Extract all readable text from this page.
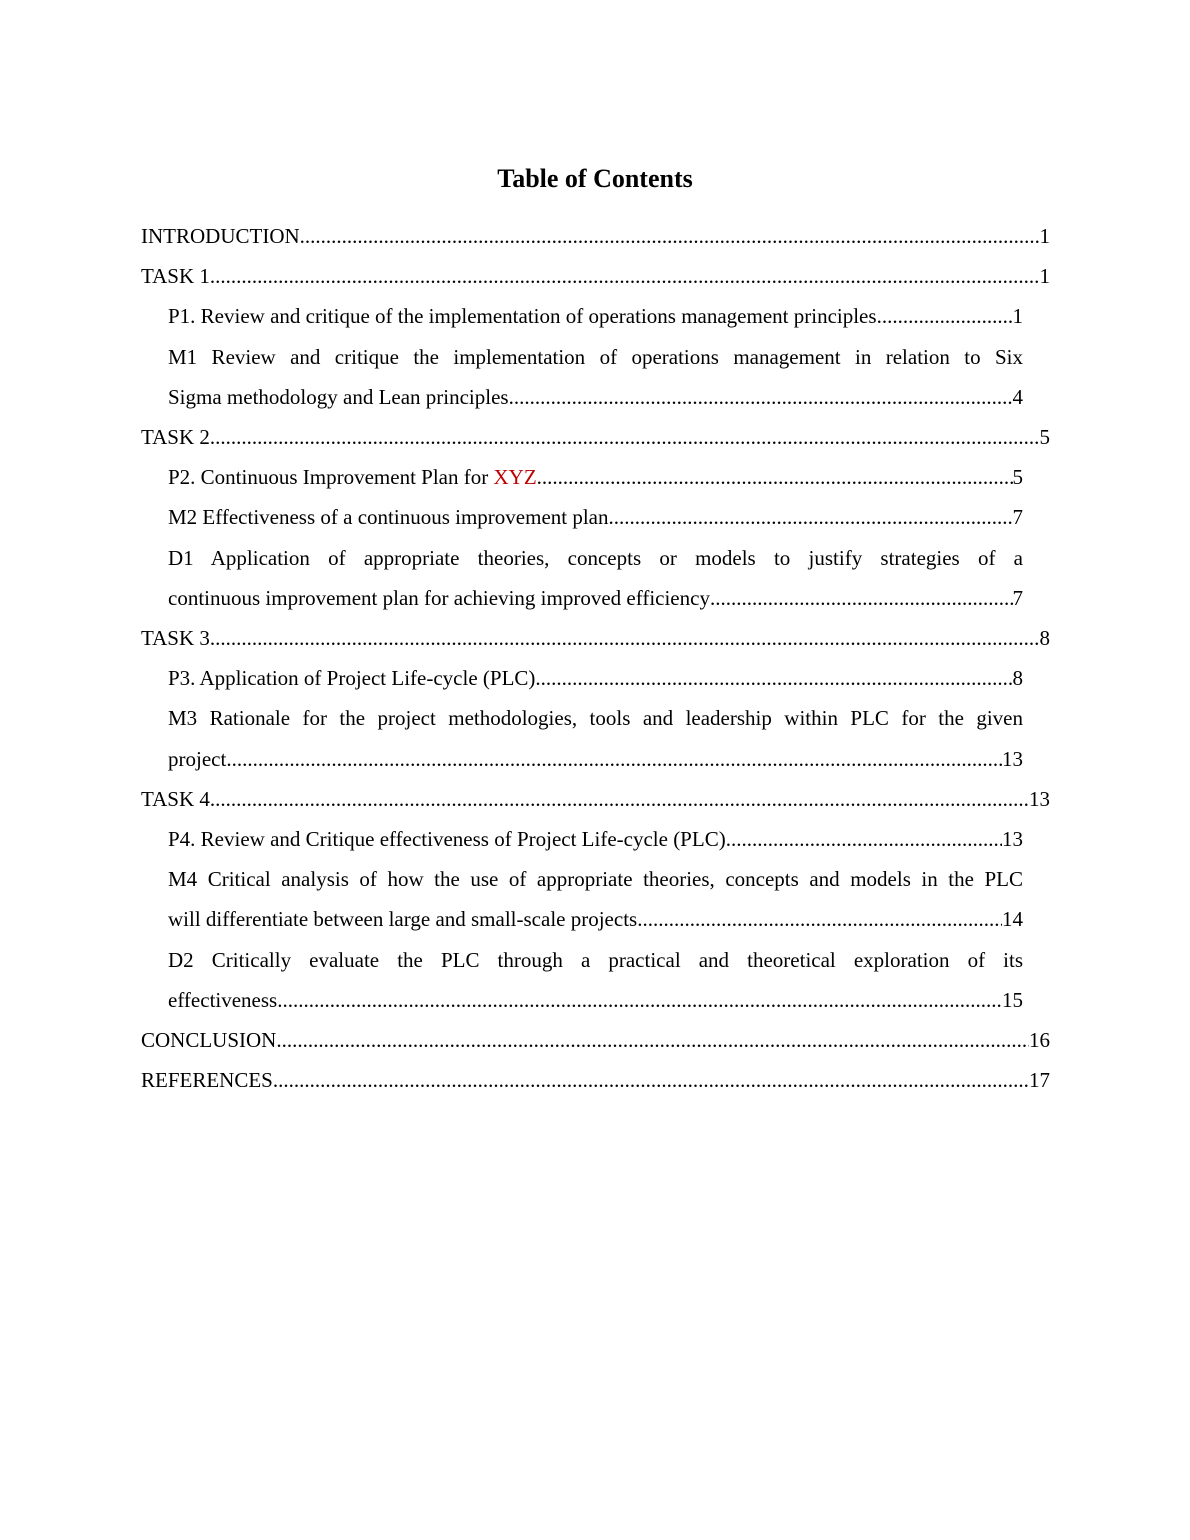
Table of Contents
INTRODUCTION .....	1
TASK 1 .....	1
P1. Review and critique of the implementation of operations management principles .....	1
M1 Review and critique the implementation of operations management in relation to Six
Sigma methodology and Lean principles .....	4
TASK 2 .....	5
P2. Continuous Improvement Plan for XYZ .....	5
M2 Effectiveness of a continuous improvement plan .....	7
D1 Application of appropriate theories, concepts or models to justify strategies of a
continuous improvement plan for achieving improved efficiency .....	7
TASK 3 .....	8
P3. Application of Project Life-cycle (PLC) .....	8
M3 Rationale for the project methodologies, tools and leadership within PLC for the given
project .....	13
TASK 4 .....	13
P4. Review and Critique effectiveness of Project Life-cycle (PLC) .....	13
M4 Critical analysis of how the use of appropriate theories, concepts and models in the PLC
will differentiate between large and small-scale projects .....	14
D2 Critically evaluate the PLC through a practical and theoretical exploration of its
effectiveness .....	15
CONCLUSION .....	16
REFERENCES .....	17
